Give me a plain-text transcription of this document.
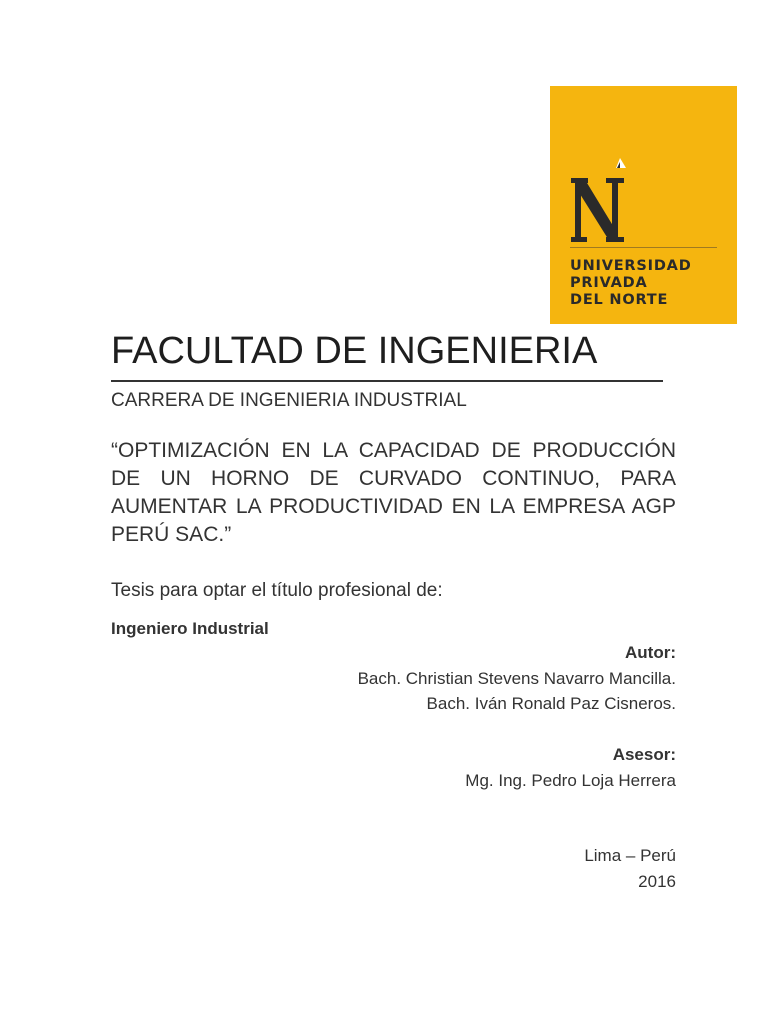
UNIVERSIDAD
PRIVADA
DEL NORTE
FACULTAD DE INGENIERIA
CARRERA DE INGENIERIA INDUSTRIAL

“OPTIMIZACIÓN EN LA CAPACIDAD DE PRODUCCIÓN DE UN HORNO DE CURVADO CONTINUO, PARA AUMENTAR LA PRODUCTIVIDAD EN LA EMPRESA AGP PERÚ SAC.”

Tesis para optar el título profesional de:
Ingeniero Industrial
Autor:
Bach. Christian Stevens Navarro Mancilla.
Bach. Iván Ronald Paz Cisneros.
Asesor:
Mg. Ing. Pedro Loja Herrera
Lima – Perú
2016
